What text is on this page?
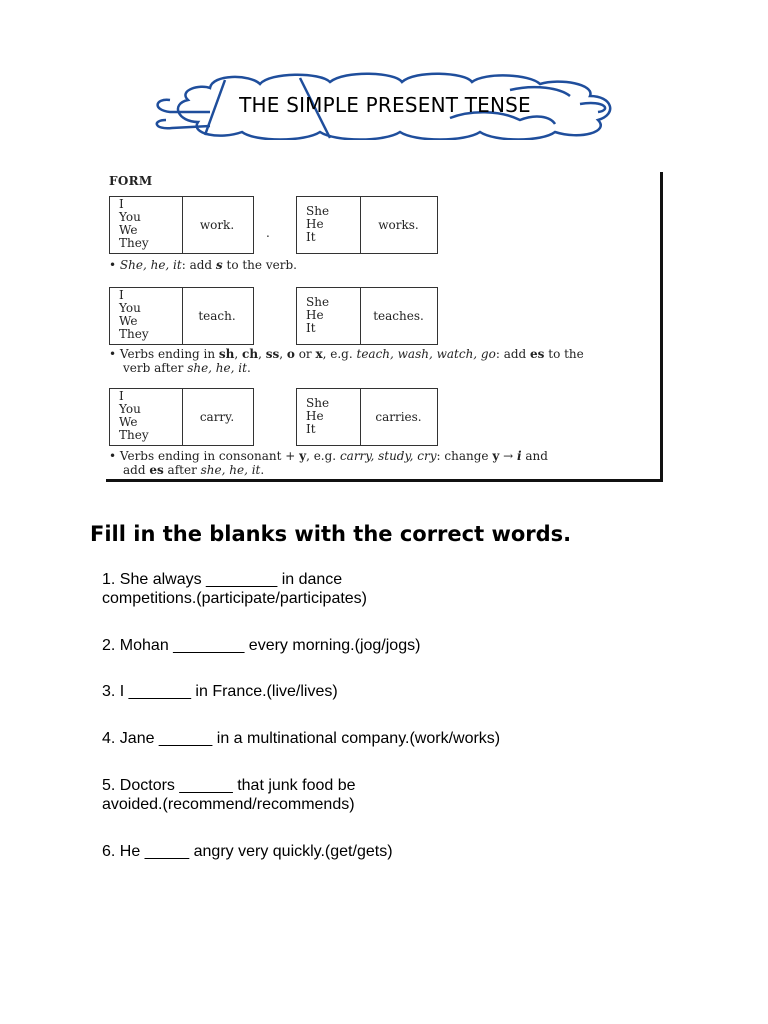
THE SIMPLE PRESENT TENSE
FORM
I
You
We
They
work.
.
She
He
It
works.
• She, he, it: add s to the verb.
I
You
We
They
teach.
She
He
It
teaches.
• Verbs ending in sh, ch, ss, o or x, e.g. teach, wash, watch, go: add es to the
verb after she, he, it.
I
You
We
They
carry.
She
He
It
carries.
• Verbs ending in consonant + y, e.g. carry, study, cry: change y → i and
add es after she, he, it.
Fill in the blanks with the correct words.
1. She always ________ in dance
competitions.(participate/participates)
2. Mohan ________ every morning.(jog/jogs)
3. I _______ in France.(live/lives)
4. Jane ______ in a multinational company.(work/works)
5. Doctors ______ that junk food be
avoided.(recommend/recommends)
6. He _____ angry very quickly.(get/gets)
